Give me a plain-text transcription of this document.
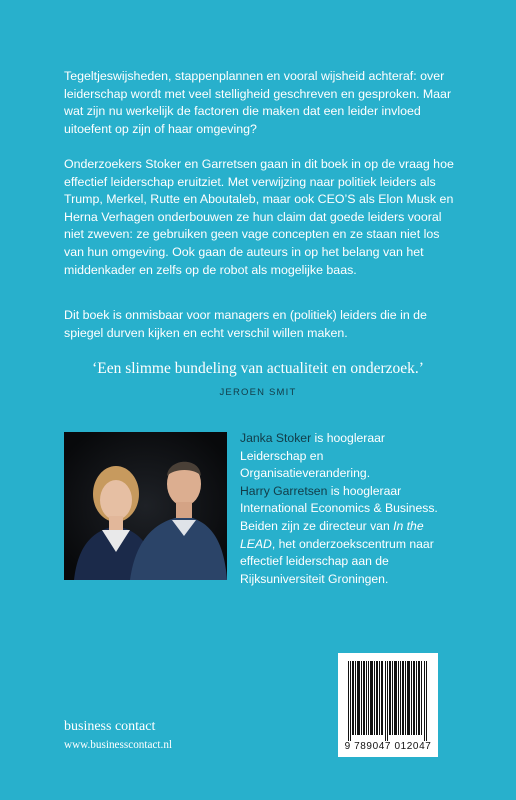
Tegeltjeswijsheden, stappenplannen en vooral wijsheid achteraf: over leiderschap wordt met veel stelligheid geschreven en gesproken. Maar wat zijn nu werkelijk de factoren die maken dat een leider invloed uitoefent op zijn of haar omgeving?

Onderzoekers Stoker en Garretsen gaan in dit boek in op de vraag hoe effectief leiderschap eruitziet. Met verwijzing naar politiek leiders als Trump, Merkel, Rutte en Aboutaleb, maar ook CEO’S als Elon Musk en Herna Verhagen onderbouwen ze hun claim dat goede leiders vooral niet zweven: ze gebruiken geen vage concepten en ze staan niet los van hun omgeving. Ook gaan de auteurs in op het belang van het middenkader en zelfs op de robot als mogelijke baas.

Dit boek is onmisbaar voor managers en (politiek) leiders die in de spiegel durven kijken en echt verschil willen maken.

‘Een slimme bundeling van actualiteit en onderzoek.’
JEROEN SMIT
Janka Stoker is hoogleraar Leiderschap en Organisatieverandering.
Harry Garretsen is hoogleraar International Economics & Business.
Beiden zijn ze directeur van In the LEAD, het onderzoekscentrum naar effectief leiderschap aan de Rijksuniversiteit Groningen.
9 789047 012047
business contact
www.businesscontact.nl
